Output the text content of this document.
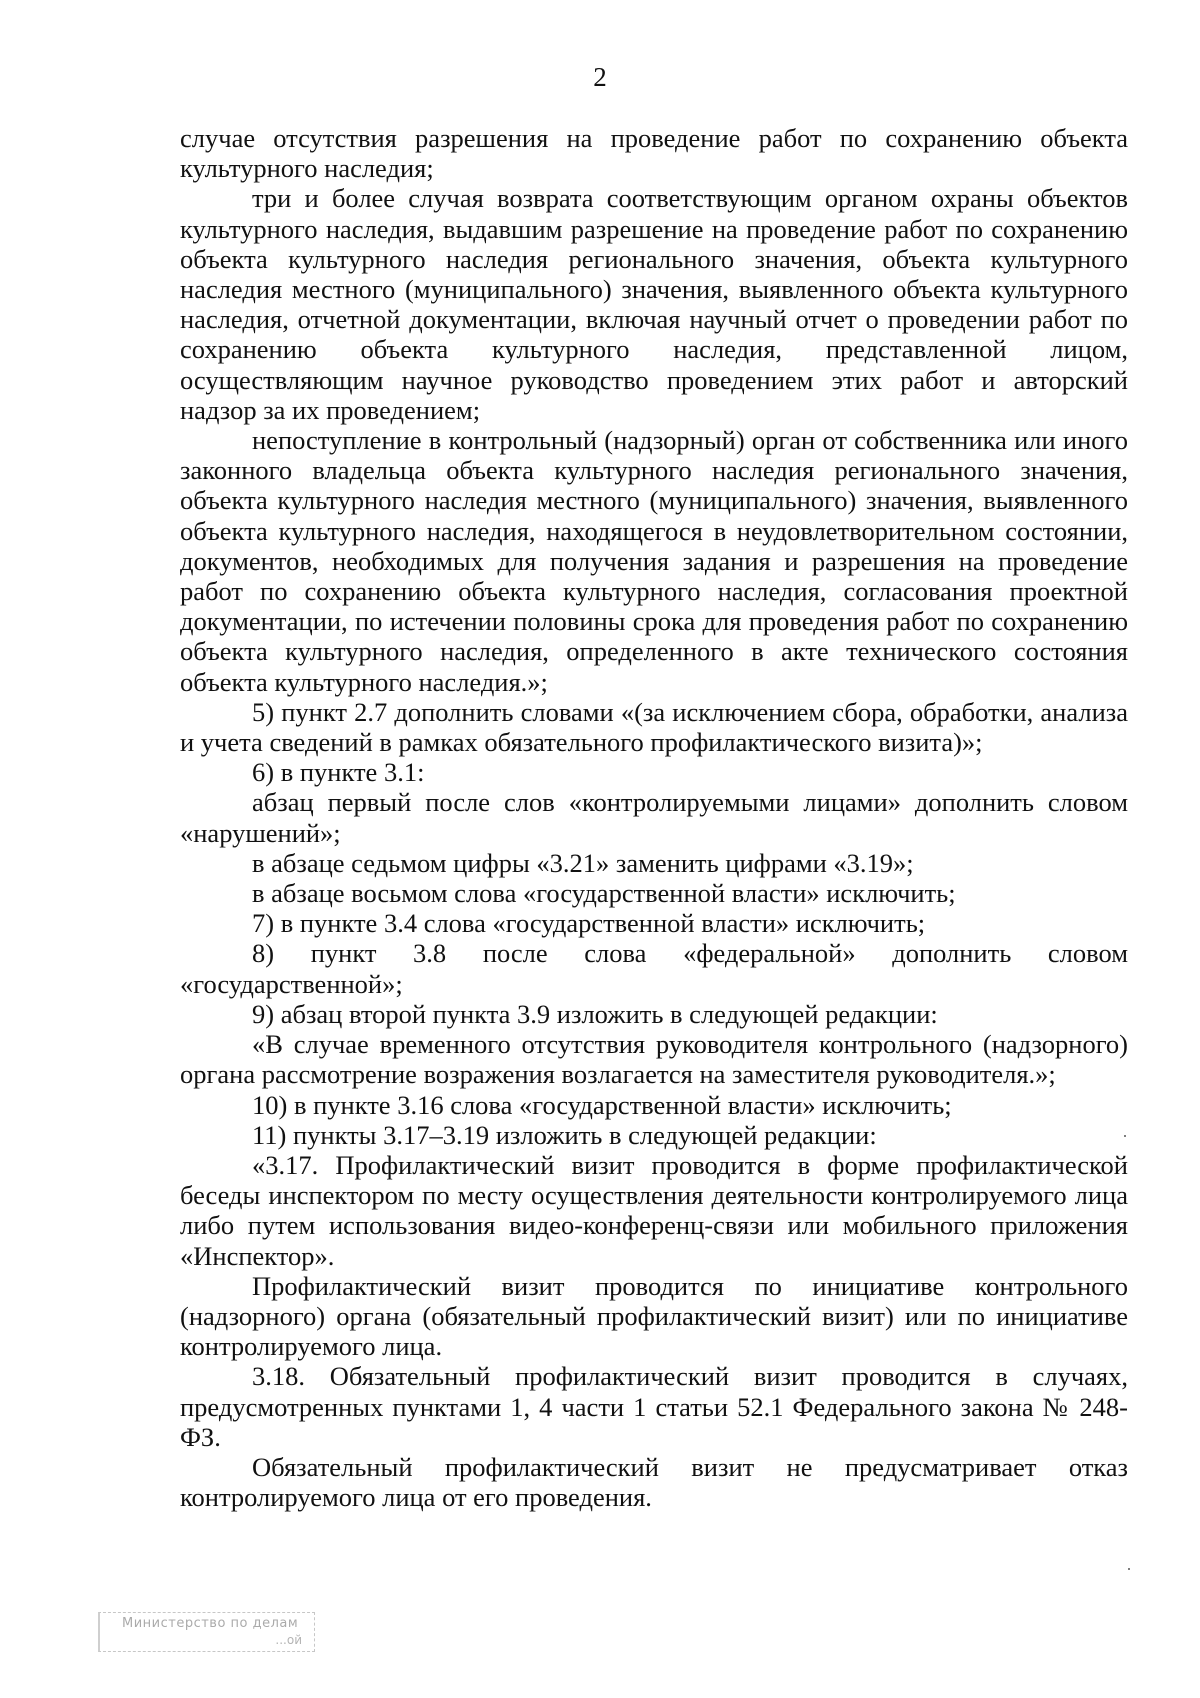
2

случае отсутствия разрешения на проведение работ по сохранению объекта культурного наследия;

три и более случая возврата соответствующим органом охраны объектов культурного наследия, выдавшим разрешение на проведение работ по сохранению объекта культурного наследия регионального значения, объекта культурного наследия местного (муниципального) значения, выявленного объекта культурного наследия, отчетной документации, включая научный отчет о проведении работ по сохранению объекта культурного наследия, представленной лицом, осуществляющим научное руководство проведением этих работ и авторский надзор за их проведением;

непоступление в контрольный (надзорный) орган от собственника или иного законного владельца объекта культурного наследия регионального значения, объекта культурного наследия местного (муниципального) значения, выявленного объекта культурного наследия, находящегося в неудовлетворительном состоянии, документов, необходимых для получения задания и разрешения на проведение работ по сохранению объекта культурного наследия, согласования проектной документации, по истечении половины срока для проведения работ по сохранению объекта культурного наследия, определенного в акте технического состояния объекта культурного наследия.»;

5) пункт 2.7 дополнить словами «(за исключением сбора, обработки, анализа и учета сведений в рамках обязательного профилактического визита)»;

6) в пункте 3.1:

абзац первый после слов «контролируемыми лицами» дополнить словом «нарушений»;

в абзаце седьмом цифры «3.21» заменить цифрами «3.19»;

в абзаце восьмом слова «государственной власти» исключить;

7) в пункте 3.4 слова «государственной власти» исключить;

8) пункт 3.8 после слова «федеральной» дополнить словом «государственной»;

9) абзац второй пункта 3.9 изложить в следующей редакции:

«В случае временного отсутствия руководителя контрольного (надзорного) органа рассмотрение возражения возлагается на заместителя руководителя.»;

10) в пункте 3.16 слова «государственной власти» исключить;

11) пункты 3.17–3.19 изложить в следующей редакции:

«3.17. Профилактический визит проводится в форме профилактической беседы инспектором по месту осуществления деятельности контролируемого лица либо путем использования видео-конференц-связи или мобильного приложения «Инспектор».

Профилактический визит проводится по инициативе контрольного (надзорного) органа (обязательный профилактический визит) или по инициативе контролируемого лица.

3.18. Обязательный профилактический визит проводится в случаях, предусмотренных пунктами 1, 4 части 1 статьи 52.1 Федерального закона № 248-ФЗ.

Обязательный профилактический визит не предусматривает отказ контролируемого лица от его проведения.

Министерство по делам
...ой
